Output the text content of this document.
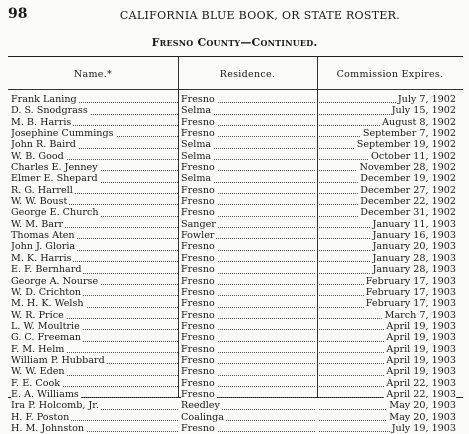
98	CALIFORNIA BLUE BOOK, OR STATE ROSTER.
Fresno County—Continued.
Name.*	Residence.	Commission Expires.
Frank Laning	Fresno	July 7, 1902
D. S. Snodgrass	Selma	July 15, 1902
M. B. Harris	Fresno	August 8, 1902
Josephine Cummings	Fresno	September 7, 1902
John R. Baird	Selma	September 19, 1902
W. B. Good	Selma	October 11, 1902
Charles E. Jenney	Fresno	November 28, 1902
Elmer E. Shepard	Selma	December 19, 1902
R. G. Harrell	Fresno	December 27, 1902
W. W. Boust	Fresno	December 22, 1902
George E. Church	Fresno	December 31, 1902
W. M. Barr	Sanger	January 11, 1903
Thomas Aten	Fowler	January 16, 1903
John J. Gloria	Fresno	January 20, 1903
M. K. Harris	Fresno	January 28, 1903
E. F. Bernhard	Fresno	January 28, 1903
George A. Nourse	Fresno	February 17, 1903
W. D. Crichton	Fresno	February 17, 1903
M. H. K. Welsh	Fresno	February 17, 1903
W. R. Price	Fresno	March 7, 1903
L. W. Moultrie	Fresno	April 19, 1903
G. C. Freeman	Fresno	April 19, 1903
F. M. Helm	Fresno	April 19, 1903
William P. Hubbard	Fresno	April 19, 1903
W. W. Eden	Fresno	April 19, 1903
F. E. Cook	Fresno	April 22, 1903
E. A. Williams	Fresno	April 22, 1903
Ira P. Holcomb, Jr.	Reedley	May 20, 1903
H. F. Poston	Coalinga	May 20, 1903
H. M. Johnston	Fresno	July 19, 1903
